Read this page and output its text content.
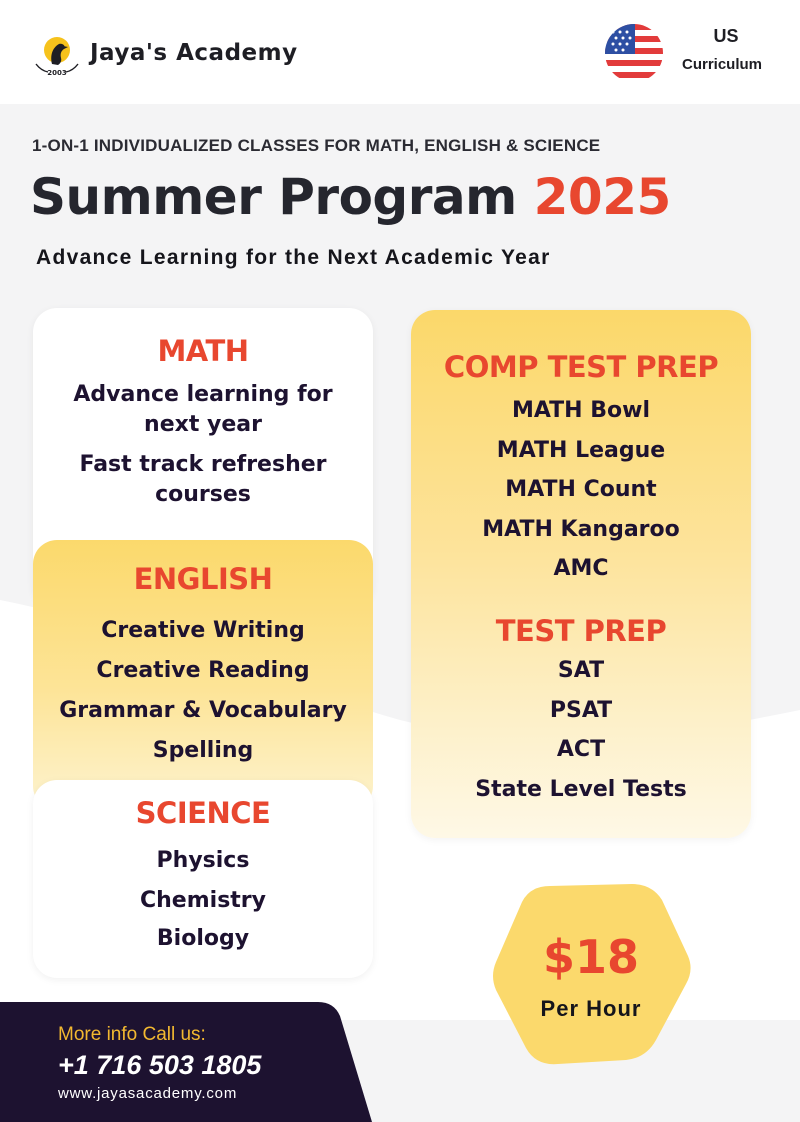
2003
Jaya's Academy
US
Curriculum
1-ON-1 INDIVIDUALIZED CLASSES FOR MATH, ENGLISH & SCIENCE
Summer Program 2025
Advance Learning for the Next Academic Year
MATH
Advance learning for
next year
Fast track refresher
courses
ENGLISH
Creative Writing
Creative Reading
Grammar & Vocabulary
Spelling
SCIENCE
Physics
Chemistry
Biology
COMP TEST PREP
MATH Bowl
MATH League
MATH Count
MATH Kangaroo
AMC
TEST PREP
SAT
PSAT
ACT
State Level Tests
$18
Per Hour
More info Call us:
+1 716 503 1805
www.jayasacademy.com
